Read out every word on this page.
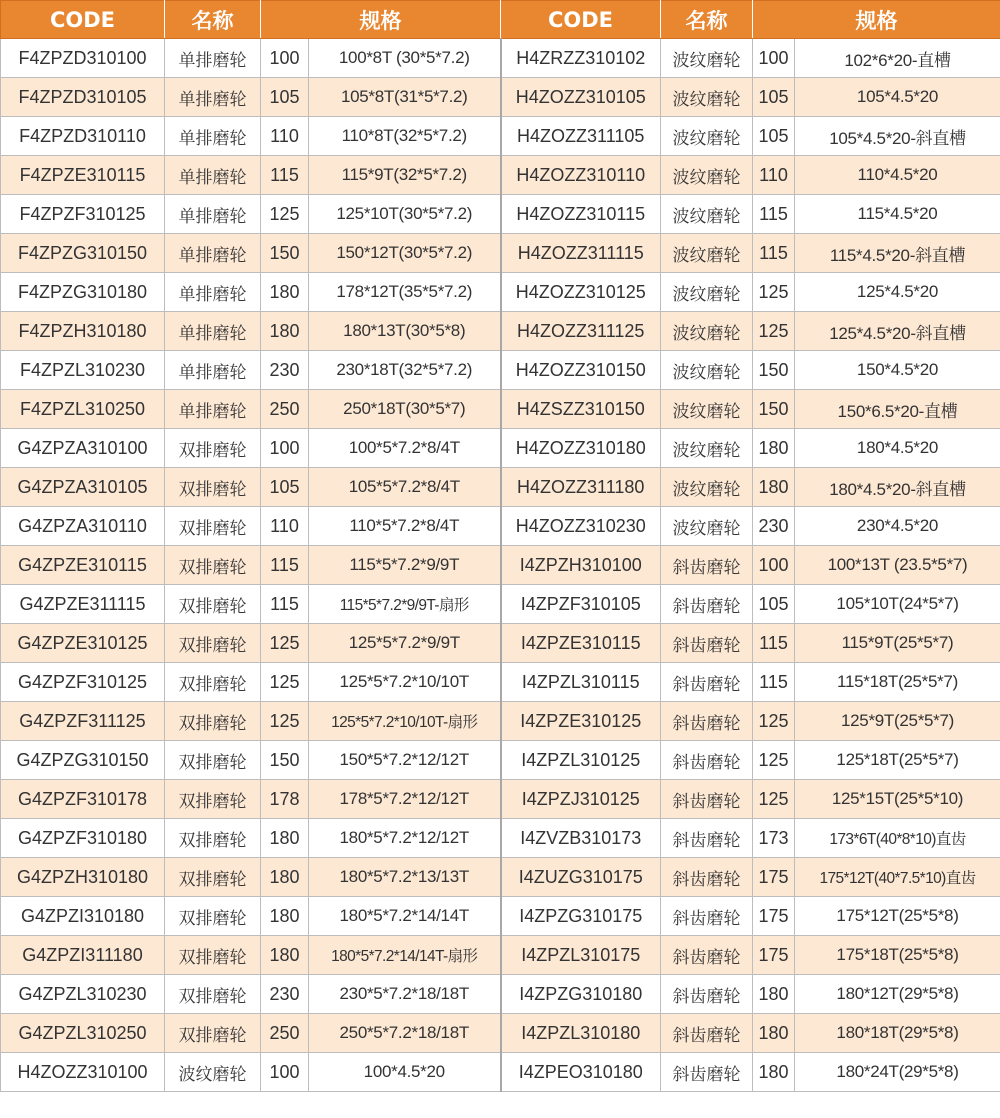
CODE	名称	规格		CODE	名称	规格	
F4ZPZD310100	单排磨轮	100	100*8T (30*5*7.2)	H4ZRZZ310102	波纹磨轮	100	102*6*20-直槽
F4ZPZD310105	单排磨轮	105	105*8T(31*5*7.2)	H4ZOZZ310105	波纹磨轮	105	105*4.5*20
F4ZPZD310110	单排磨轮	110	110*8T(32*5*7.2)	H4ZOZZ311105	波纹磨轮	105	105*4.5*20-斜直槽
F4ZPZE310115	单排磨轮	115	115*9T(32*5*7.2)	H4ZOZZ310110	波纹磨轮	110	110*4.5*20
F4ZPZF310125	单排磨轮	125	125*10T(30*5*7.2)	H4ZOZZ310115	波纹磨轮	115	115*4.5*20
F4ZPZG310150	单排磨轮	150	150*12T(30*5*7.2)	H4ZOZZ311115	波纹磨轮	115	115*4.5*20-斜直槽
F4ZPZG310180	单排磨轮	180	178*12T(35*5*7.2)	H4ZOZZ310125	波纹磨轮	125	125*4.5*20
F4ZPZH310180	单排磨轮	180	180*13T(30*5*8)	H4ZOZZ311125	波纹磨轮	125	125*4.5*20-斜直槽
F4ZPZL310230	单排磨轮	230	230*18T(32*5*7.2)	H4ZOZZ310150	波纹磨轮	150	150*4.5*20
F4ZPZL310250	单排磨轮	250	250*18T(30*5*7)	H4ZSZZ310150	波纹磨轮	150	150*6.5*20-直槽
G4ZPZA310100	双排磨轮	100	100*5*7.2*8/4T	H4ZOZZ310180	波纹磨轮	180	180*4.5*20
G4ZPZA310105	双排磨轮	105	105*5*7.2*8/4T	H4ZOZZ311180	波纹磨轮	180	180*4.5*20-斜直槽
G4ZPZA310110	双排磨轮	110	110*5*7.2*8/4T	H4ZOZZ310230	波纹磨轮	230	230*4.5*20
G4ZPZE310115	双排磨轮	115	115*5*7.2*9/9T	I4ZPZH310100	斜齿磨轮	100	100*13T (23.5*5*7)
G4ZPZE311115	双排磨轮	115	115*5*7.2*9/9T-扇形	I4ZPZF310105	斜齿磨轮	105	105*10T(24*5*7)
G4ZPZE310125	双排磨轮	125	125*5*7.2*9/9T	I4ZPZE310115	斜齿磨轮	115	115*9T(25*5*7)
G4ZPZF310125	双排磨轮	125	125*5*7.2*10/10T	I4ZPZL310115	斜齿磨轮	115	115*18T(25*5*7)
G4ZPZF311125	双排磨轮	125	125*5*7.2*10/10T-扇形	I4ZPZE310125	斜齿磨轮	125	125*9T(25*5*7)
G4ZPZG310150	双排磨轮	150	150*5*7.2*12/12T	I4ZPZL310125	斜齿磨轮	125	125*18T(25*5*7)
G4ZPZF310178	双排磨轮	178	178*5*7.2*12/12T	I4ZPZJ310125	斜齿磨轮	125	125*15T(25*5*10)
G4ZPZF310180	双排磨轮	180	180*5*7.2*12/12T	I4ZVZB310173	斜齿磨轮	173	173*6T(40*8*10)直齿
G4ZPZH310180	双排磨轮	180	180*5*7.2*13/13T	I4ZUZG310175	斜齿磨轮	175	175*12T(40*7.5*10)直齿
G4ZPZI310180	双排磨轮	180	180*5*7.2*14/14T	I4ZPZG310175	斜齿磨轮	175	175*12T(25*5*8)
G4ZPZI311180	双排磨轮	180	180*5*7.2*14/14T-扇形	I4ZPZL310175	斜齿磨轮	175	175*18T(25*5*8)
G4ZPZL310230	双排磨轮	230	230*5*7.2*18/18T	I4ZPZG310180	斜齿磨轮	180	180*12T(29*5*8)
G4ZPZL310250	双排磨轮	250	250*5*7.2*18/18T	I4ZPZL310180	斜齿磨轮	180	180*18T(29*5*8)
H4ZOZZ310100	波纹磨轮	100	100*4.5*20	I4ZPEO310180	斜齿磨轮	180	180*24T(29*5*8)
